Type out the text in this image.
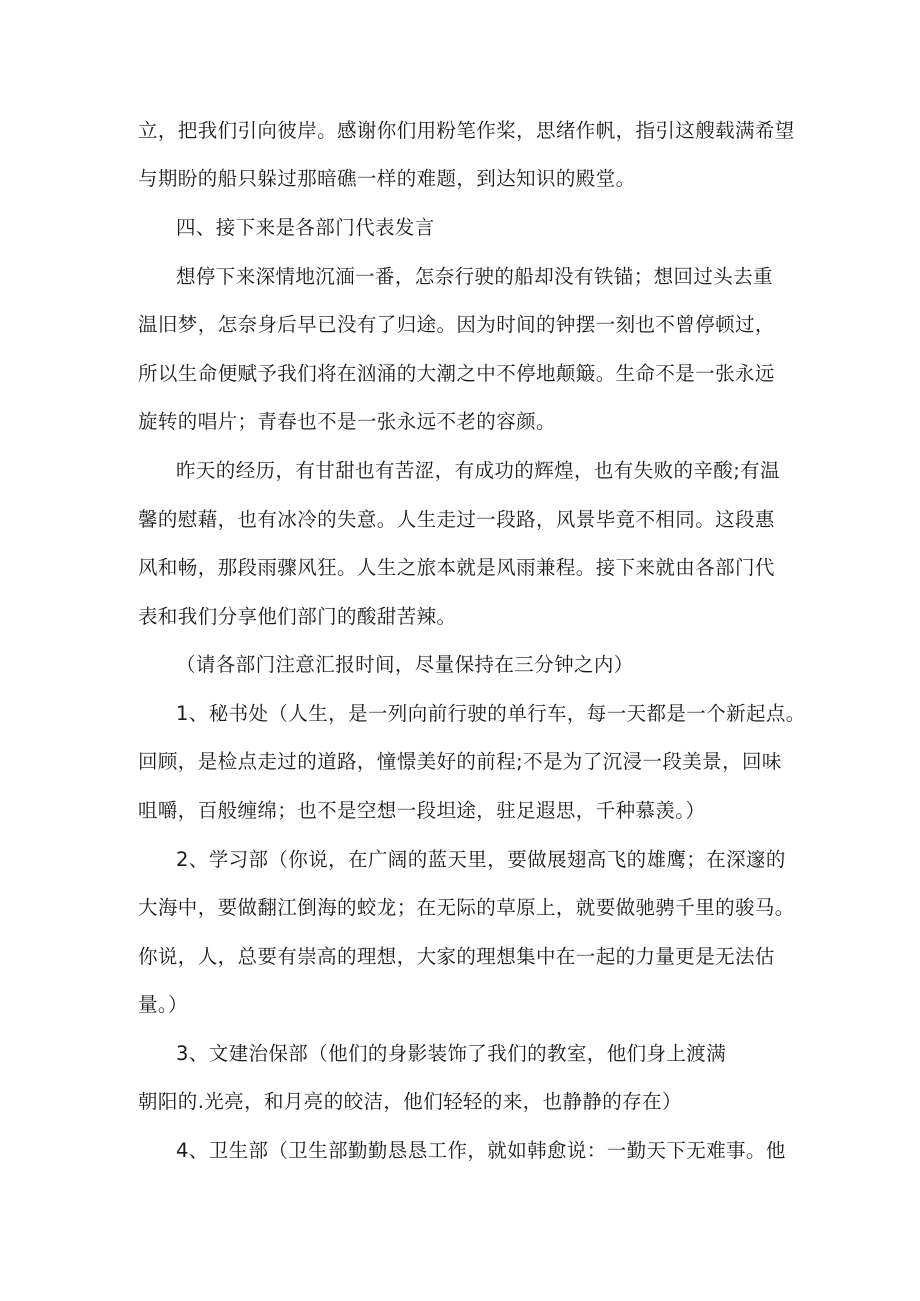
立，把我们引向彼岸。感谢你们用粉笔作桨，思绪作帆，指引这艘载满希望
与期盼的船只躲过那暗礁一样的难题，到达知识的殿堂。
四、接下来是各部门代表发言
想停下来深情地沉湎一番，怎奈行驶的船却没有铁锚；想回过头去重
温旧梦，怎奈身后早已没有了归途。因为时间的钟摆一刻也不曾停顿过，
所以生命便赋予我们将在汹涌的大潮之中不停地颠簸。生命不是一张永远
旋转的唱片；青春也不是一张永远不老的容颜。
昨天的经历，有甘甜也有苦涩，有成功的辉煌，也有失败的辛酸;有温
馨的慰藉，也有冰冷的失意。人生走过一段路，风景毕竟不相同。这段惠
风和畅，那段雨骤风狂。人生之旅本就是风雨兼程。接下来就由各部门代
表和我们分享他们部门的酸甜苦辣。
（请各部门注意汇报时间，尽量保持在三分钟之内）
1、秘书处（人生，是一列向前行驶的单行车，每一天都是一个新起点。
回顾，是检点走过的道路，憧憬美好的前程;不是为了沉浸一段美景，回味
咀嚼，百般缠绵；也不是空想一段坦途，驻足遐思，千种慕羡。）
2、学习部（你说，在广阔的蓝天里，要做展翅高飞的雄鹰；在深邃的
大海中，要做翻江倒海的蛟龙；在无际的草原上，就要做驰骋千里的骏马。
你说，人，总要有崇高的理想，大家的理想集中在一起的力量更是无法估
量。）
3、文建治保部（他们的身影装饰了我们的教室，他们身上渡满
朝阳的.光亮，和月亮的皎洁，他们轻轻的来，也静静的存在）
4、卫生部（卫生部勤勤恳恳工作，就如韩愈说：一勤天下无难事。他
